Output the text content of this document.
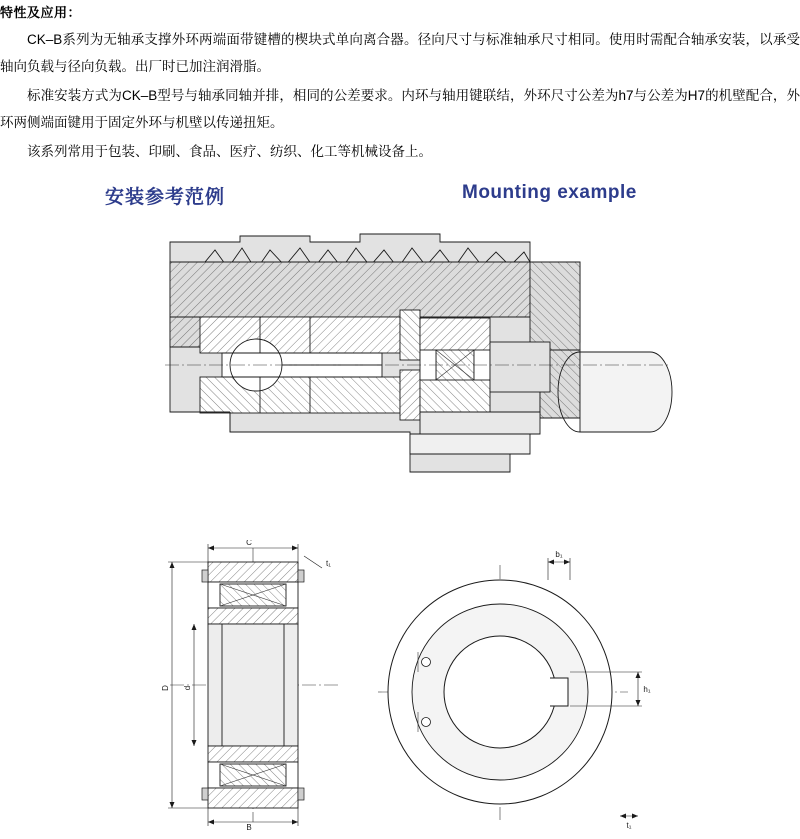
特性及应用：

CK–B系列为无轴承支撑外环两端面带键槽的楔块式单向离合器。径向尺寸与标准轴承尺寸相同。使用时需配合轴承安装，以承受轴向负载与径向负载。出厂时已加注润滑脂。

标准安装方式为CK–B型号与轴承同轴并排，相同的公差要求。内环与轴用键联结，外环尺寸公差为h7与公差为H7的机壁配合，外环两侧端面键用于固定外环与机壁以传递扭矩。

该系列常用于包装、印刷、食品、医疗、纺织、化工等机械设备上。

安装参考范例	Mounting example
C
t₁
D d
B
b₁
h₁
t₁
